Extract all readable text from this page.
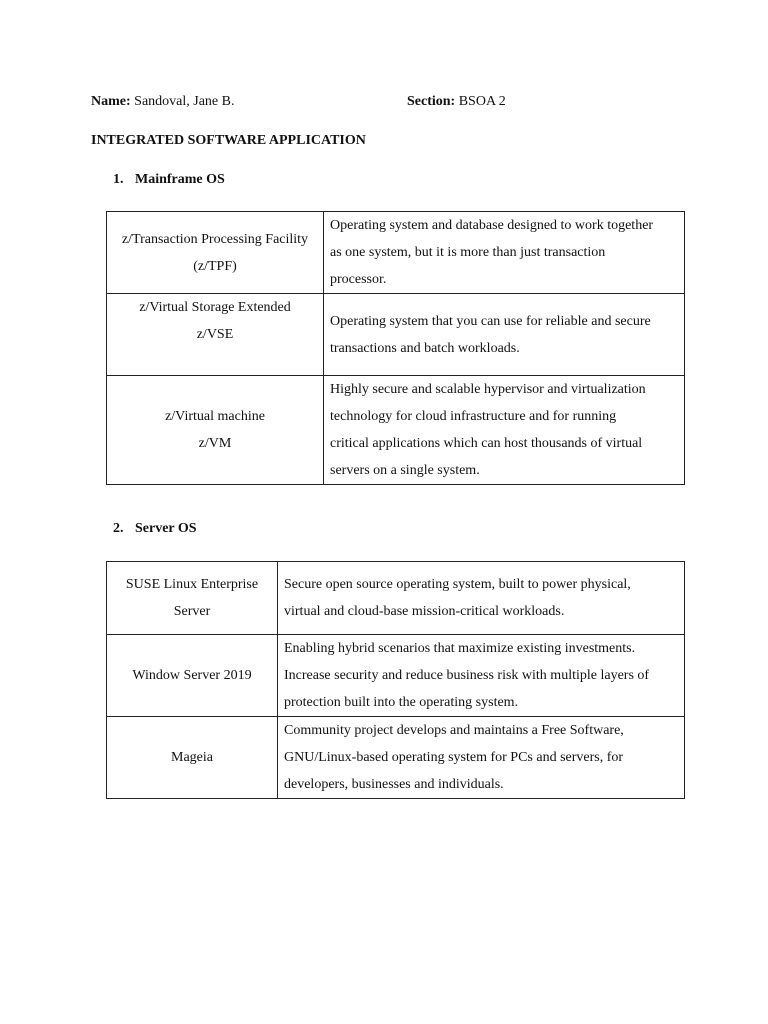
Name: Sandoval, Jane B.	Section: BSOA 2
INTEGRATED SOFTWARE APPLICATION
1. Mainframe OS
z/Transaction Processing Facility
(z/TPF)	Operating system and database designed to work together
as one system, but it is more than just transaction
processor.
z/Virtual Storage Extended
z/VSE	Operating system that you can use for reliable and secure
transactions and batch workloads.
z/Virtual machine
z/VM	Highly secure and scalable hypervisor and virtualization
technology for cloud infrastructure and for running
critical applications which can host thousands of virtual
servers on a single system.
2. Server OS
SUSE Linux Enterprise
Server	Secure open source operating system, built to power physical,
virtual and cloud-base mission-critical workloads.
Window Server 2019	Enabling hybrid scenarios that maximize existing investments.
Increase security and reduce business risk with multiple layers of
protection built into the operating system.
Mageia	Community project develops and maintains a Free Software,
GNU/Linux-based operating system for PCs and servers, for
developers, businesses and individuals.
